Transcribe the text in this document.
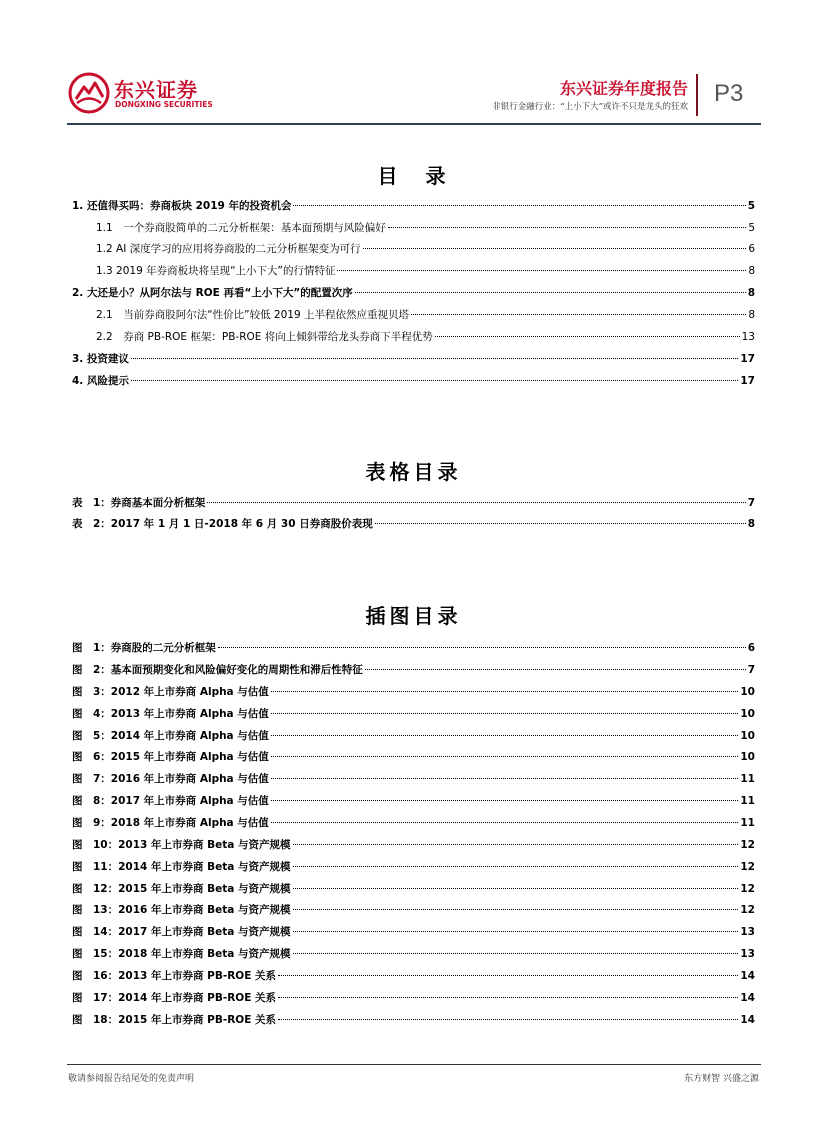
东兴证券
DONGXING SECURITIES
东兴证券年度报告
非银行金融行业：“上小下大”或许不只是龙头的狂欢 P3
目　录
1. 还值得买吗：券商板块 2019 年的投资机会	5
1.1　一个券商股简单的二元分析框架：基本面预期与风险偏好	5
1.2 AI 深度学习的应用将券商股的二元分析框架变为可行	6
1.3 2019 年券商板块将呈现“上小下大”的行情特征	8
2. 大还是小？从阿尔法与 ROE 再看“上小下大”的配置次序	8
2.1　当前券商股阿尔法“性价比”较低 2019 上半程依然应重视贝塔	8
2.2　券商 PB-ROE 框架：PB-ROE 将向上倾斜带给龙头券商下半程优势	13
3. 投资建议	17
4. 风险提示	17
表格目录
表　1：券商基本面分析框架	7
表　2：2017 年 1 月 1 日-2018 年 6 月 30 日券商股价表现	8
插图目录
图　1：券商股的二元分析框架	6
图　2：基本面预期变化和风险偏好变化的周期性和滞后性特征	7
图　3：2012 年上市券商 Alpha 与估值	10
图　4：2013 年上市券商 Alpha 与估值	10
图　5：2014 年上市券商 Alpha 与估值	10
图　6：2015 年上市券商 Alpha 与估值	10
图　7：2016 年上市券商 Alpha 与估值	11
图　8：2017 年上市券商 Alpha 与估值	11
图　9：2018 年上市券商 Alpha 与估值	11
图　10：2013 年上市券商 Beta 与资产规模	12
图　11：2014 年上市券商 Beta 与资产规模	12
图　12：2015 年上市券商 Beta 与资产规模	12
图　13：2016 年上市券商 Beta 与资产规模	12
图　14：2017 年上市券商 Beta 与资产规模	13
图　15：2018 年上市券商 Beta 与资产规模	13
图　16：2013 年上市券商 PB-ROE 关系	14
图　17：2014 年上市券商 PB-ROE 关系	14
图　18：2015 年上市券商 PB-ROE 关系	14
敬请参阅报告结尾处的免责声明	东方财智 兴盛之源
